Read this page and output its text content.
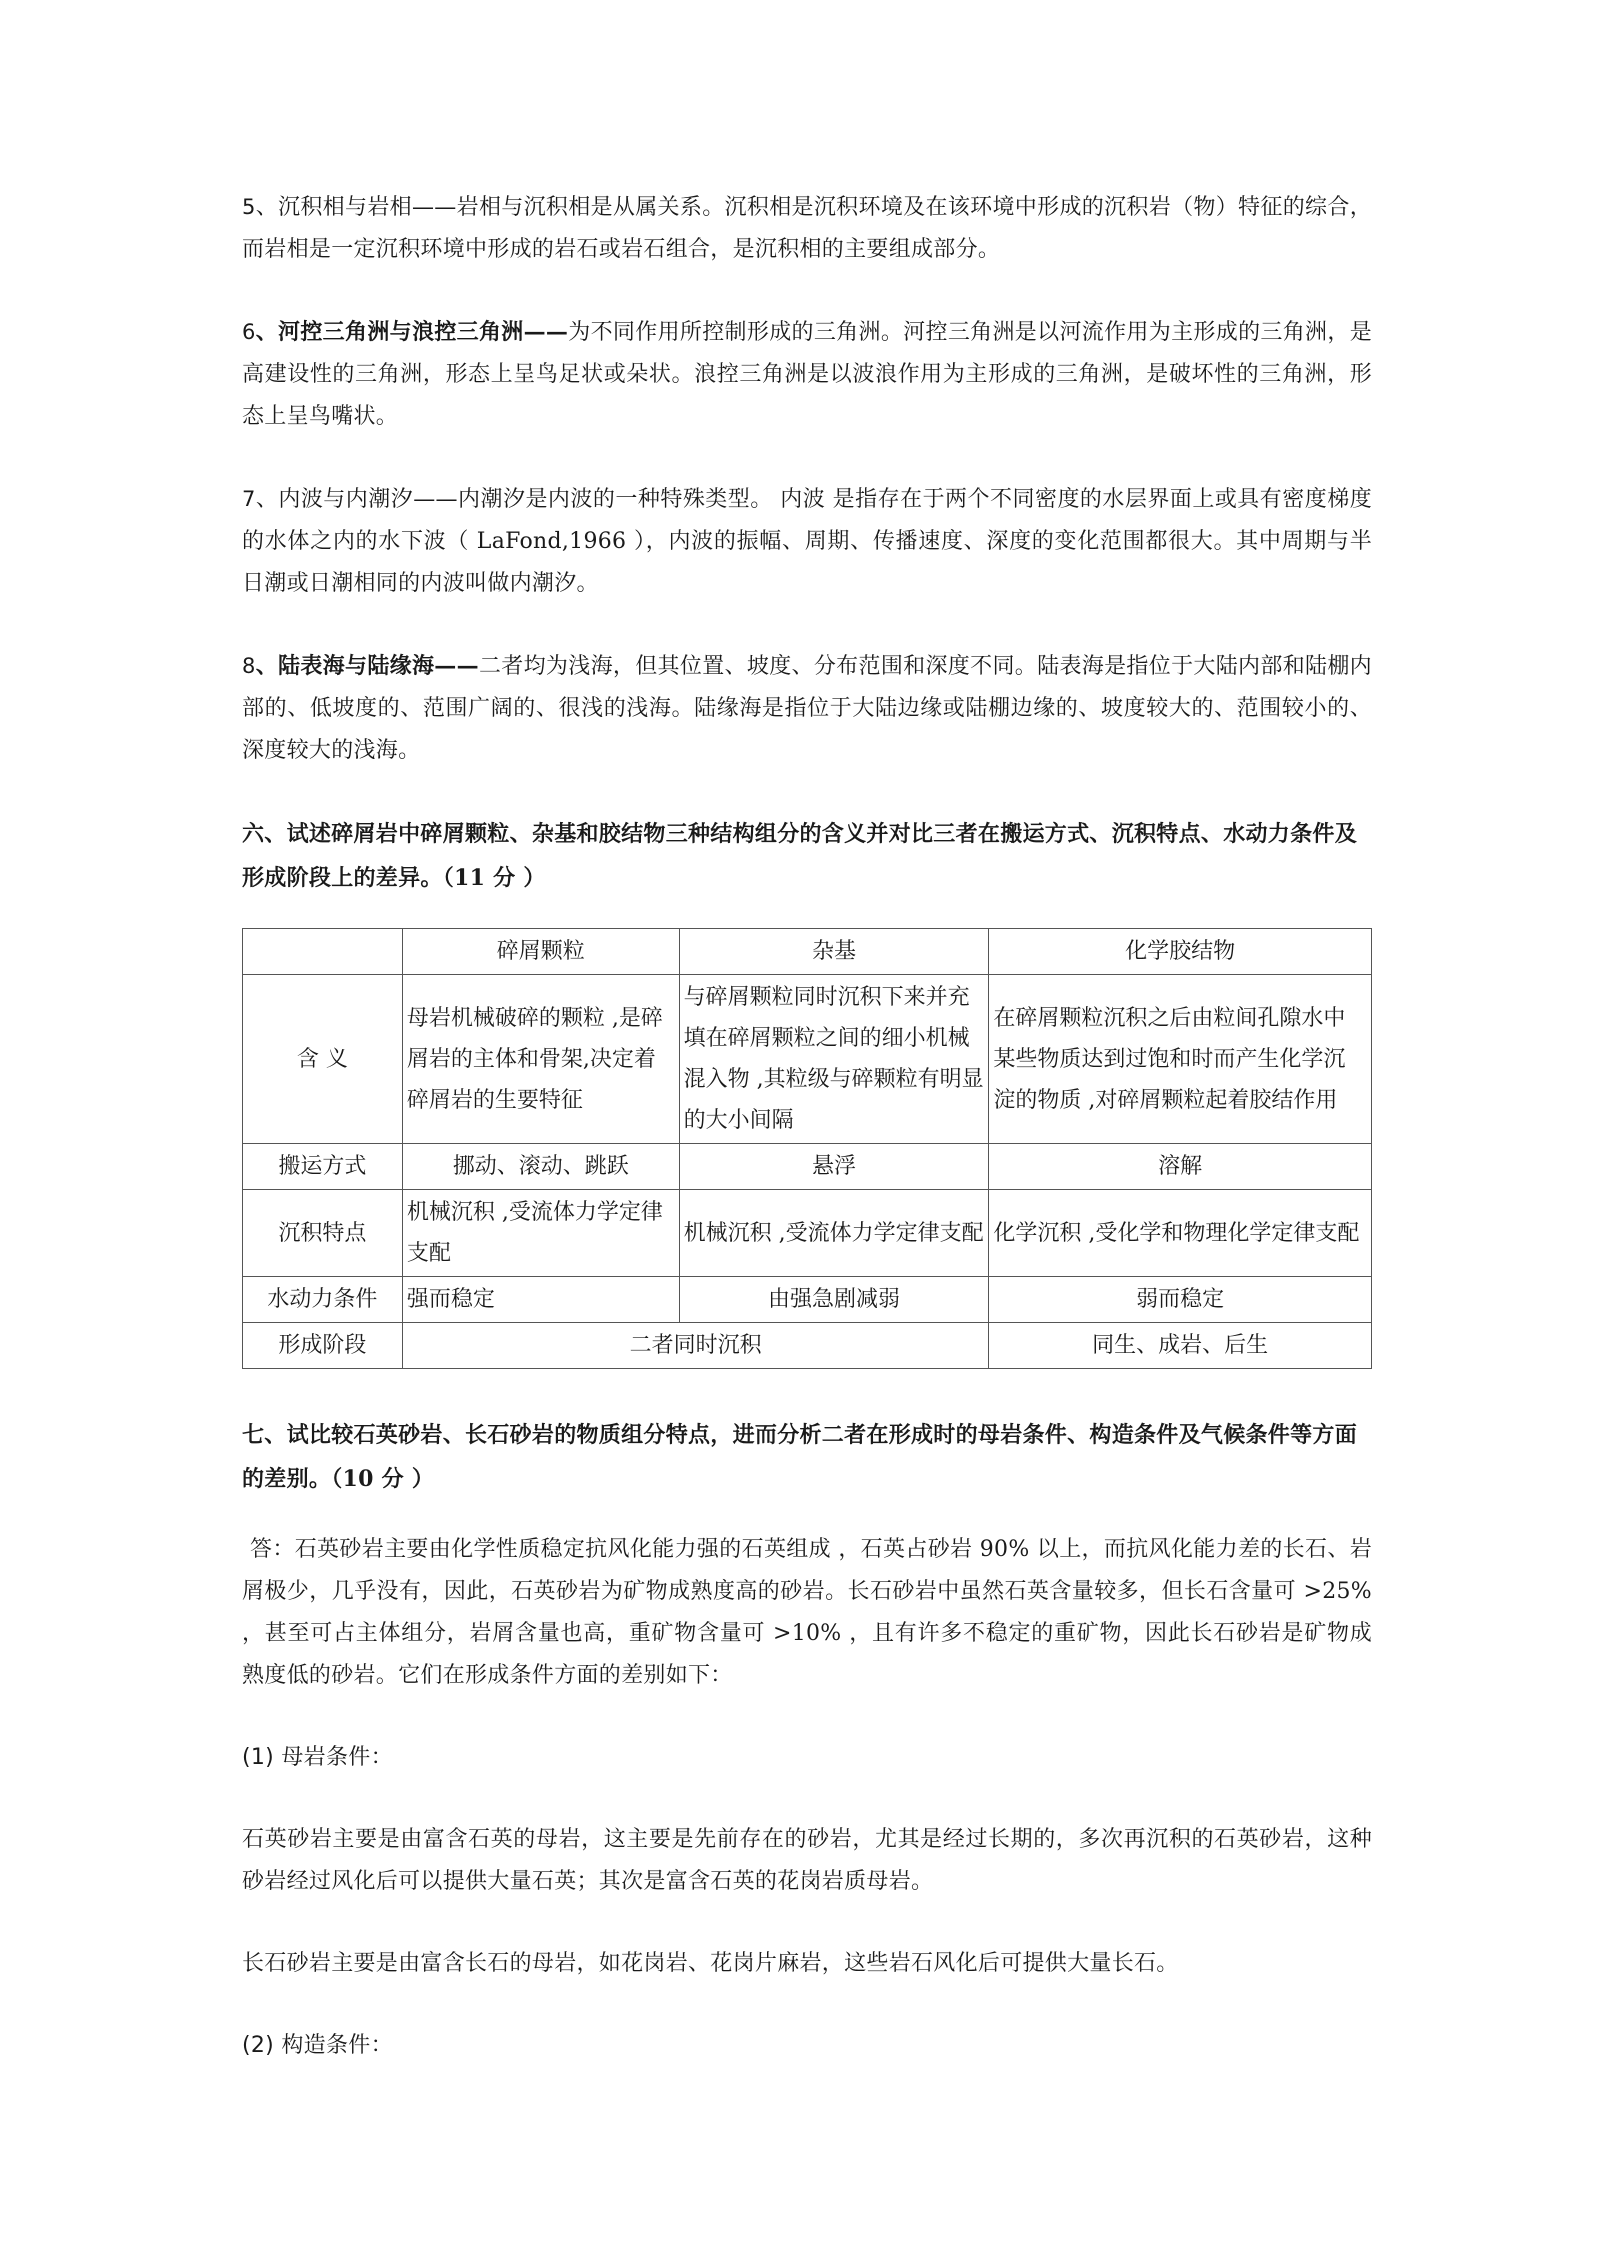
5、沉积相与岩相——岩相与沉积相是从属关系。沉积相是沉积环境及在该环境中形成的沉积岩（物）特征的综合，而岩相是一定沉积环境中形成的岩石或岩石组合，是沉积相的主要组成部分。

6、河控三角洲与浪控三角洲——为不同作用所控制形成的三角洲。河控三角洲是以河流作用为主形成的三角洲，是高建设性的三角洲，形态上呈鸟足状或朵状。浪控三角洲是以波浪作用为主形成的三角洲，是破坏性的三角洲，形态上呈鸟嘴状。

7、内波与内潮汐——内潮汐是内波的一种特殊类型。 内波 是指存在于两个不同密度的水层界面上或具有密度梯度的水体之内的水下波（ LaFond,1966 ），内波的振幅、周期、传播速度、深度的变化范围都很大。其中周期与半日潮或日潮相同的内波叫做内潮汐。

8、陆表海与陆缘海——二者均为浅海，但其位置、坡度、分布范围和深度不同。陆表海是指位于大陆内部和陆棚内部的、低坡度的、范围广阔的、很浅的浅海。陆缘海是指位于大陆边缘或陆棚边缘的、坡度较大的、范围较小的、深度较大的浅海。

六、试述碎屑岩中碎屑颗粒、杂基和胶结物三种结构组分的含义并对比三者在搬运方式、沉积特点、水动力条件及形成阶段上的差异。（11 分 ）

	碎屑颗粒	杂基	化学胶结物
含 义	母岩机械破碎的颗粒 ,是碎屑岩的主体和骨架,决定着碎屑岩的生要特征	与碎屑颗粒同时沉积下来并充填在碎屑颗粒之间的细小机械混入物 ,其粒级与碎颗粒有明显的大小间隔	在碎屑颗粒沉积之后由粒间孔隙水中某些物质达到过饱和时而产生化学沉淀的物质 ,对碎屑颗粒起着胶结作用
搬运方式	挪动、滚动、跳跃	悬浮	溶解
沉积特点	机械沉积 ,受流体力学定律支配	机械沉积 ,受流体力学定律支配	化学沉积 ,受化学和物理化学定律支配
水动力条件	强而稳定	由强急剧减弱	弱而稳定
形成阶段	二者同时沉积		同生、成岩、后生

七、试比较石英砂岩、长石砂岩的物质组分特点，进而分析二者在形成时的母岩条件、构造条件及气候条件等方面的差别。（10 分 ）

答：石英砂岩主要由化学性质稳定抗风化能力强的石英组成 ，石英占砂岩 90% 以上，而抗风化能力差的长石、岩屑极少，几乎没有，因此，石英砂岩为矿物成熟度高的砂岩。长石砂岩中虽然石英含量较多，但长石含量可 >25% ，甚至可占主体组分，岩屑含量也高，重矿物含量可 >10% ，且有许多不稳定的重矿物，因此长石砂岩是矿物成熟度低的砂岩。它们在形成条件方面的差别如下：

(1) 母岩条件：

石英砂岩主要是由富含石英的母岩，这主要是先前存在的砂岩，尤其是经过长期的，多次再沉积的石英砂岩，这种砂岩经过风化后可以提供大量石英；其次是富含石英的花岗岩质母岩。

长石砂岩主要是由富含长石的母岩，如花岗岩、花岗片麻岩，这些岩石风化后可提供大量长石。

(2) 构造条件：
